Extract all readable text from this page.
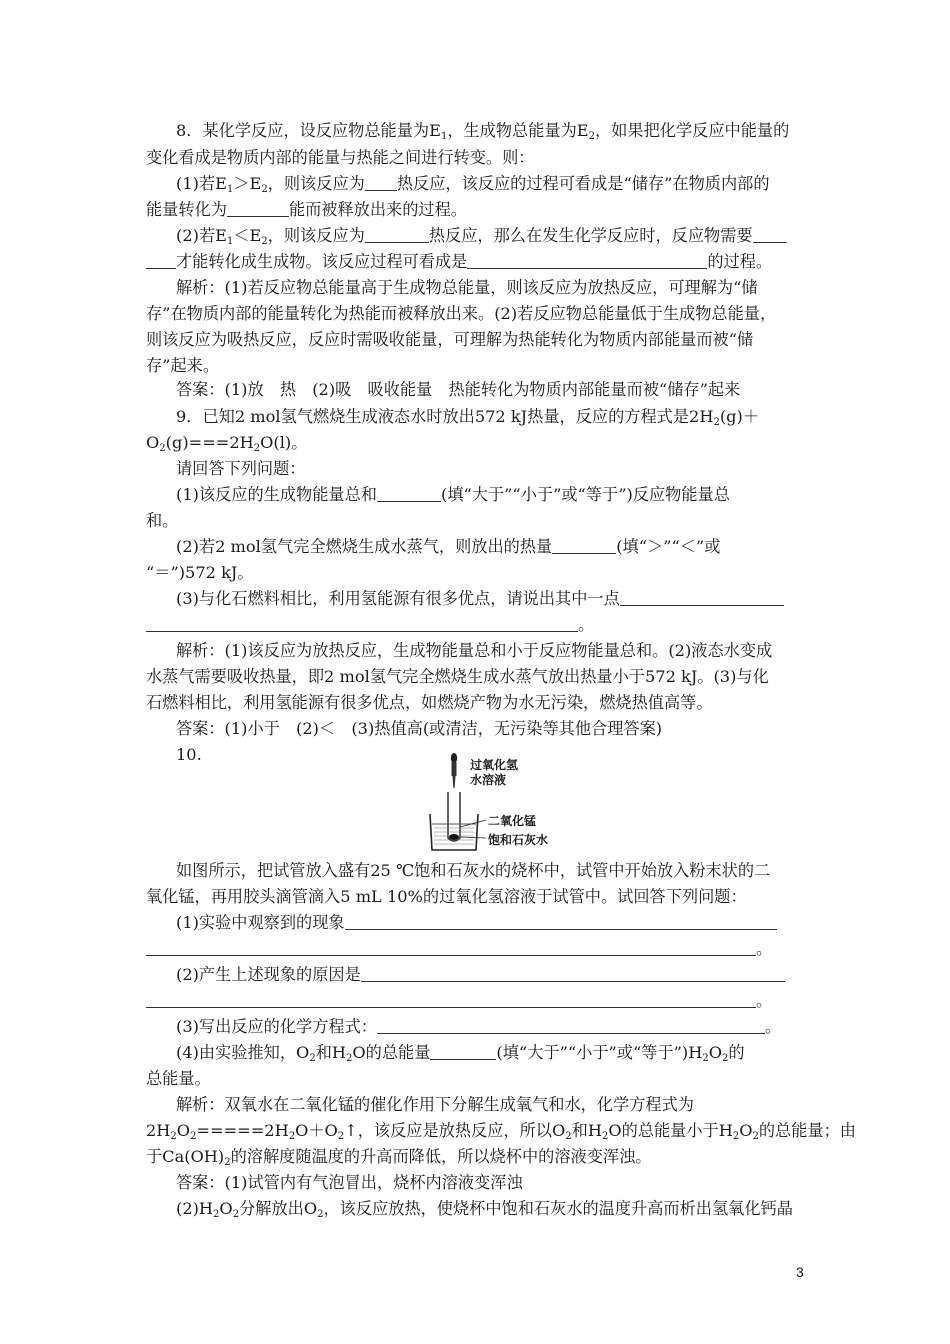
8．某化学反应，设反应物总能量为$E_1$，生成物总能量为$E_2$，如果把化学反应中能量的
变化看成是物质内部的能量与热能之间进行转变。则：
(1)若$E_1>E_2$，则该反应为 热反应，该反应的过程可看成是“储存”在物质内部的
能量转化为	能而被释放出来的过程。
(2)若$E_1<E_2$，则该反应为	热反应，那么在发生化学反应时，反应物需要
才能转化成生成物。该反应过程可看成是	的过程。
解析：(1)若反应物总能量高于生成物总能量，则该反应为放热反应，可理解为“储
存”在物质内部的能量转化为热能而被释放出来。(2)若反应物总能量低于生成物总能量，
则该反应为吸热反应，反应时需吸收能量，可理解为热能转化为物质内部能量而被“储
存”起来。
答案：(1)放　热　(2)吸　吸收能量　热能转化为物质内部能量而被“储存”起来
9．已知2 mol氢气燃烧生成液态水时放出572 kJ热量，反应的方程式是$2H_2(g)+$
$O_2(g)===2H_2O(l)$。
请回答下列问题：
(1)该反应的生成物能量总和	(填“大于”“小于”或“等于”)反应物能量总
和。
(2)若2 mol氢气完全燃烧生成水蒸气，则放出的热量	(填“＞”“＜”或
“＝”)572 kJ。
(3)与化石燃料相比，利用氢能源有很多优点，请说出其中一点
。
解析：(1)该反应为放热反应，生成物能量总和小于反应物能量总和。(2)液态水变成
水蒸气需要吸收热量，即2 mol氢气完全燃烧生成水蒸气放出热量小于572 kJ。(3)与化
石燃料相比，利用氢能源有很多优点，如燃烧产物为水无污染，燃烧热值高等。
答案：(1)小于　(2)＜　(3)热值高(或清洁，无污染等其他合理答案)
10.
过氧化氢
水溶液
二氧化锰
饱和石灰水
如图所示，把试管放入盛有25 ℃饱和石灰水的烧杯中，试管中开始放入粉末状的二
氧化锰，再用胶头滴管滴入5 mL 10%的过氧化氢溶液于试管中。试回答下列问题：
(1)实验中观察到的现象
。
(2)产生上述现象的原因是
。
(3)写出反应的化学方程式：	。
(4)由实验推知，$O_2$和$H_2O$的总能量	(填“大于”“小于”或“等于$”)H_2O_2$的
总能量。
解析：双氧水在二氧化锰的催化作用下分解生成氧气和水，化学方程式为
$2H_2O_2=====2H_2O+O_2↑$，该反应是放热反应，所以$O_2$和$H_2O$的总能量小于$H_2O_2$的总能量；由
于$Ca(OH)_2$的溶解度随温度的升高而降低，所以烧杯中的溶液变浑浊。
答案：(1)试管内有气泡冒出，烧杯内溶液变浑浊
$(2)H_2O_2$分解放出$O_2$，该反应放热，使烧杯中饱和石灰水的温度升高而析出氢氧化钙晶
3
